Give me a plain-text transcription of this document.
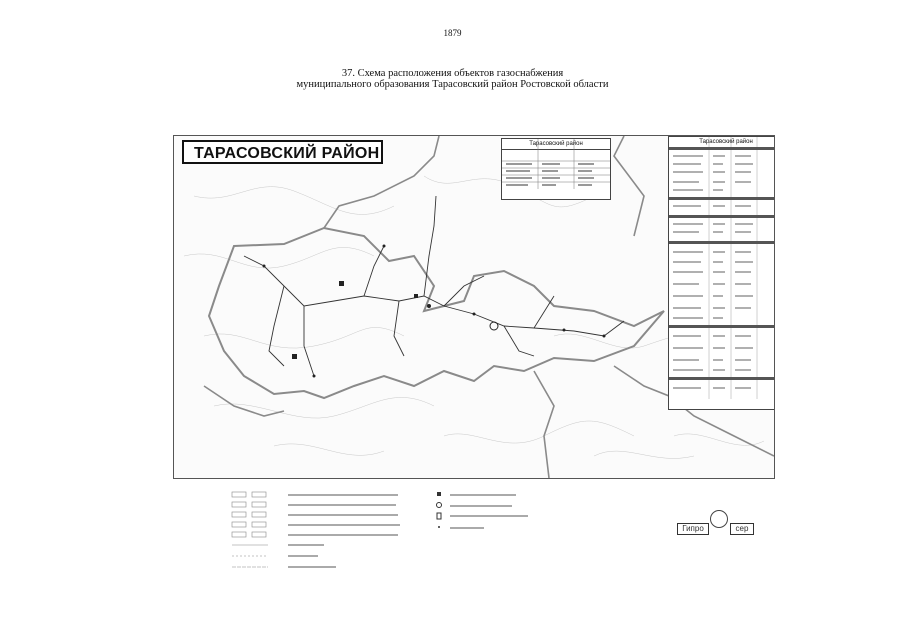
1879
37. Схема расположения объектов газоснабжения
муниципального образования Тарасовский район Ростовской области
ТАРАСОВСКИЙ РАЙОН
Тарасовский район	Тарасовский район
Гипро	сер
